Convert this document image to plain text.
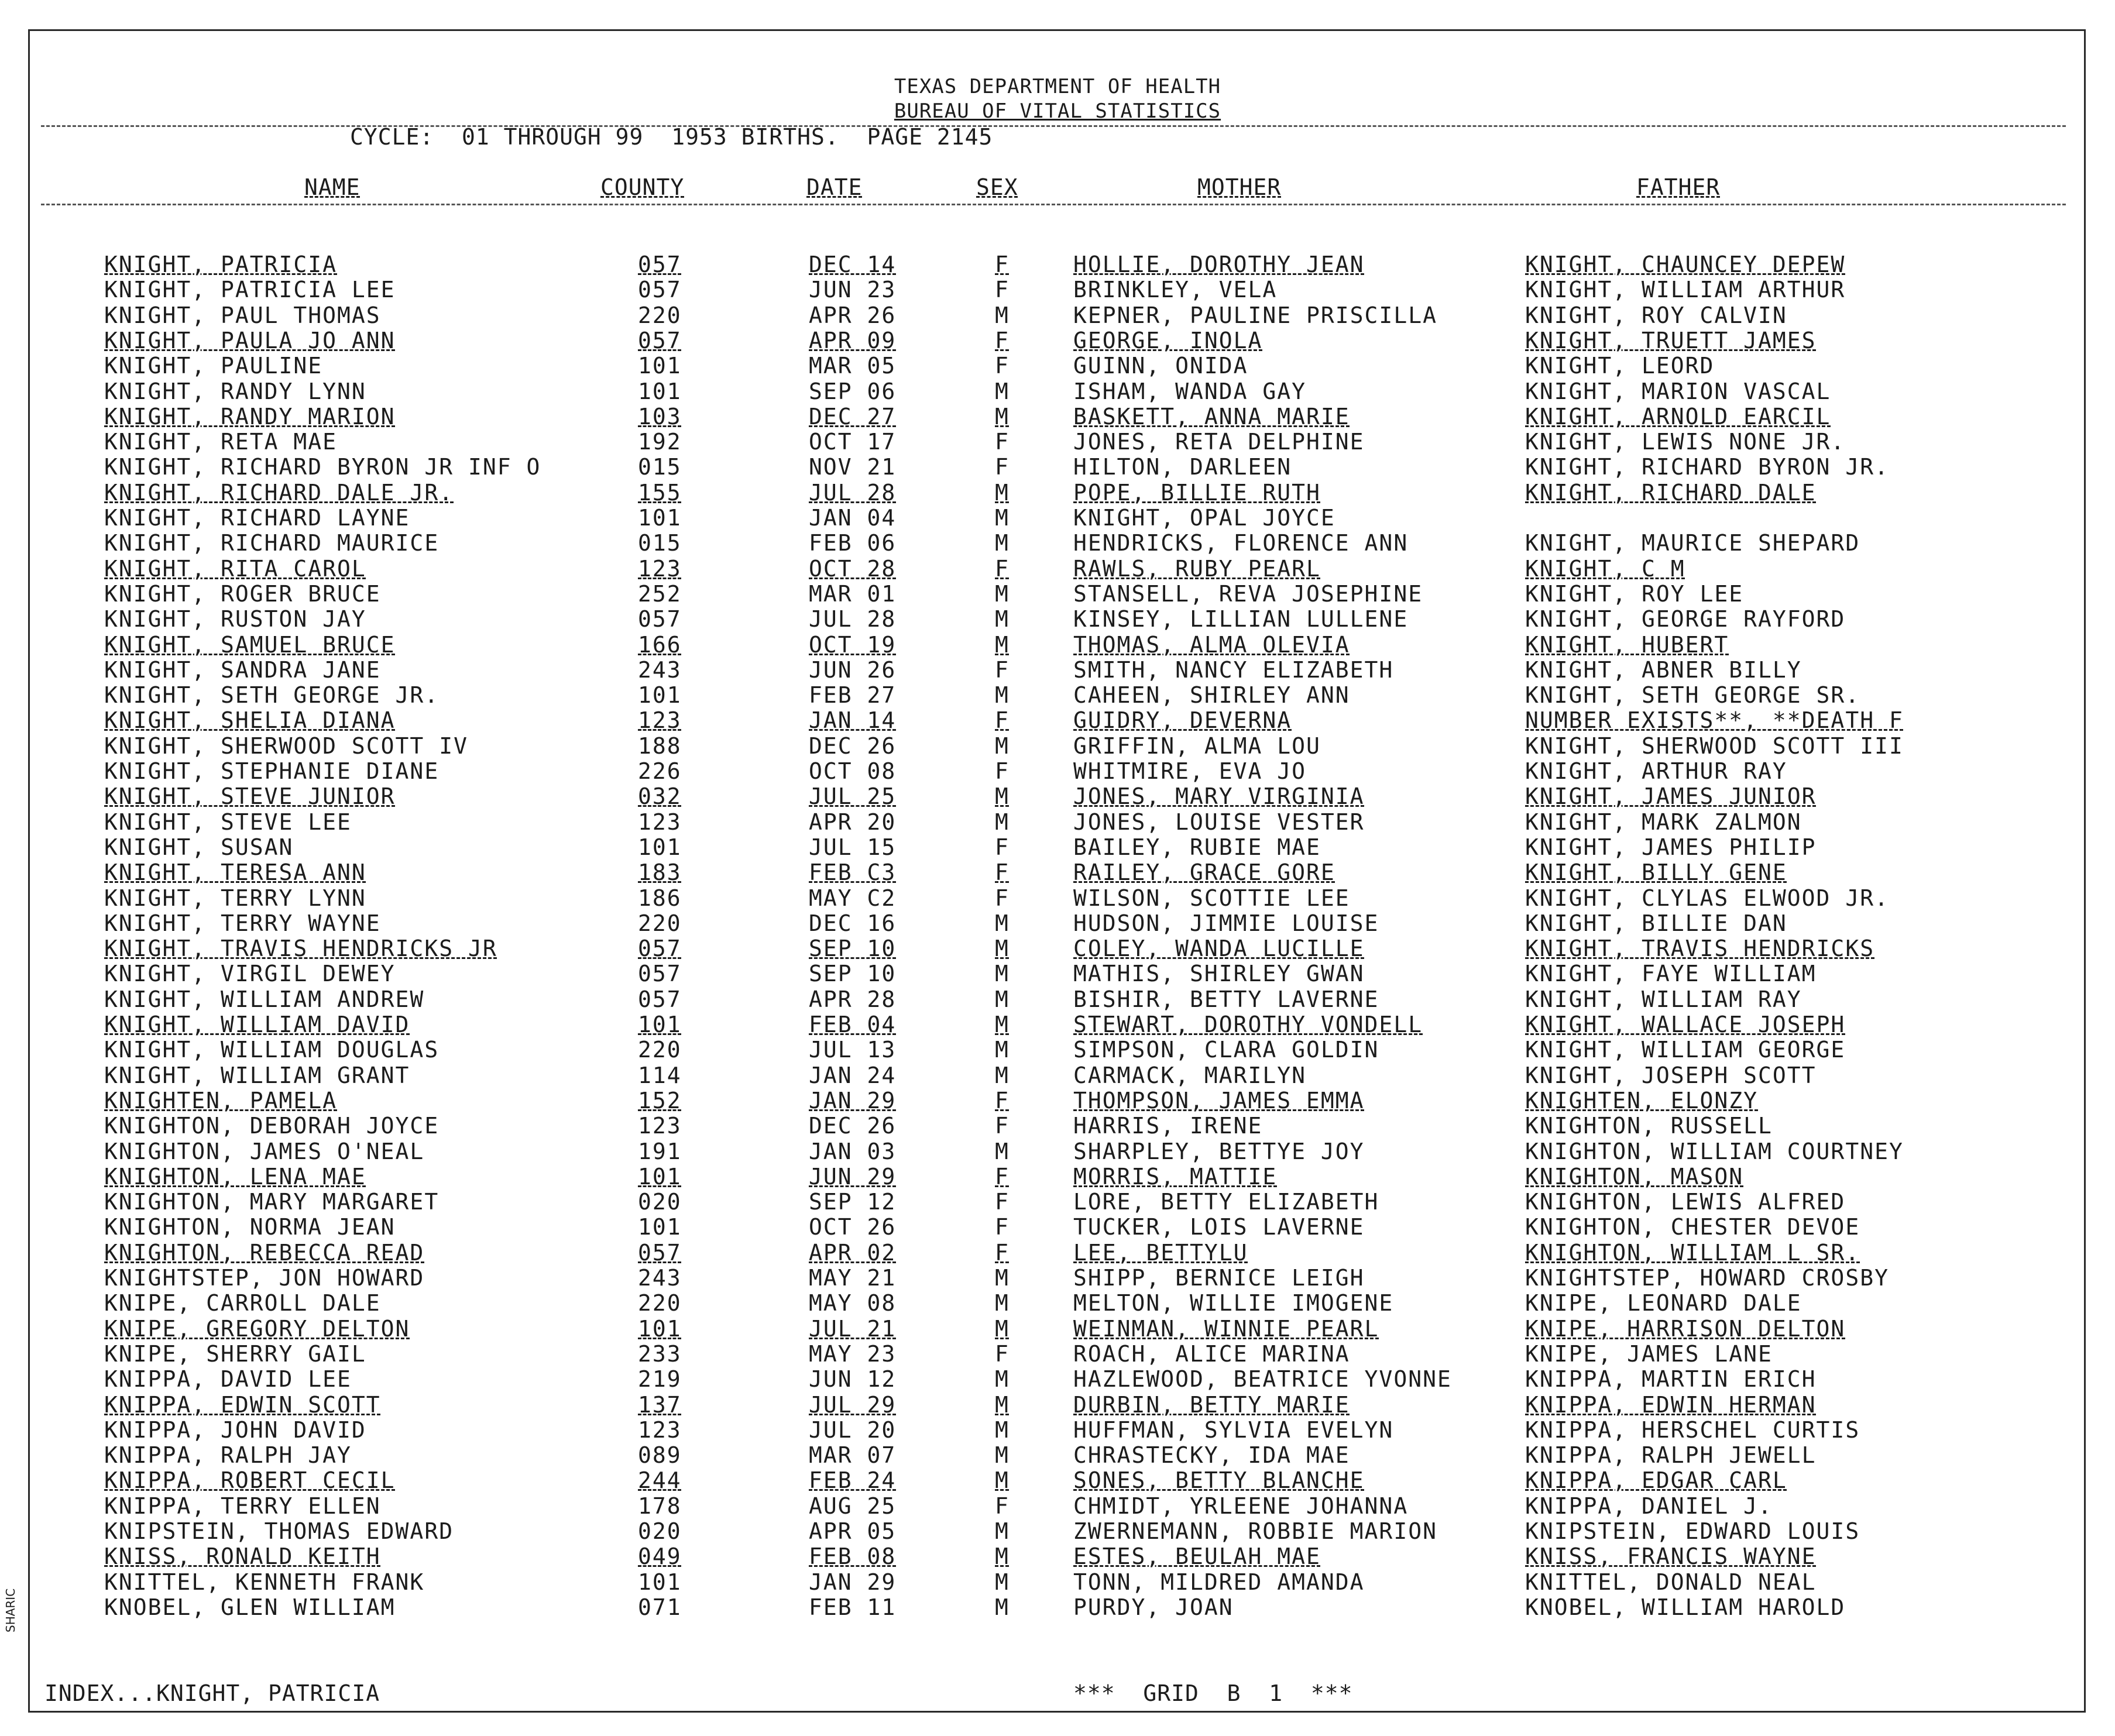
TEXAS DEPARTMENT OF HEALTH
BUREAU OF VITAL STATISTICS
CYCLE:  01 THROUGH 99  1953 BIRTHS.  PAGE 2145
NAME	COUNTY	DATE	SEX	MOTHER	FATHER
KNIGHT, PATRICIA	057	DEC 14	F	HOLLIE, DOROTHY JEAN	KNIGHT, CHAUNCEY DEPEW
KNIGHT, PATRICIA LEE	057	JUN 23	F	BRINKLEY, VELA	KNIGHT, WILLIAM ARTHUR
KNIGHT, PAUL THOMAS	220	APR 26	M	KEPNER, PAULINE PRISCILLA	KNIGHT, ROY CALVIN
KNIGHT, PAULA JO ANN	057	APR 09	F	GEORGE, INOLA	KNIGHT, TRUETT JAMES
KNIGHT, PAULINE	101	MAR 05	F	GUINN, ONIDA	KNIGHT, LEORD
KNIGHT, RANDY LYNN	101	SEP 06	M	ISHAM, WANDA GAY	KNIGHT, MARION VASCAL
KNIGHT, RANDY MARION	103	DEC 27	M	BASKETT, ANNA MARIE	KNIGHT, ARNOLD EARCIL
KNIGHT, RETA MAE	192	OCT 17	F	JONES, RETA DELPHINE	KNIGHT, LEWIS NONE JR.
KNIGHT, RICHARD BYRON JR INF O	015	NOV 21	F	HILTON, DARLEEN	KNIGHT, RICHARD BYRON JR.
KNIGHT, RICHARD DALE JR.	155	JUL 28	M	POPE, BILLIE RUTH	KNIGHT, RICHARD DALE
KNIGHT, RICHARD LAYNE	101	JAN 04	M	KNIGHT, OPAL JOYCE
KNIGHT, RICHARD MAURICE	015	FEB 06	M	HENDRICKS, FLORENCE ANN	KNIGHT, MAURICE SHEPARD
KNIGHT, RITA CAROL	123	OCT 28	F	RAWLS, RUBY PEARL	KNIGHT, C M
KNIGHT, ROGER BRUCE	252	MAR 01	M	STANSELL, REVA JOSEPHINE	KNIGHT, ROY LEE
KNIGHT, RUSTON JAY	057	JUL 28	M	KINSEY, LILLIAN LULLENE	KNIGHT, GEORGE RAYFORD
KNIGHT, SAMUEL BRUCE	166	OCT 19	M	THOMAS, ALMA OLEVIA	KNIGHT, HUBERT
KNIGHT, SANDRA JANE	243	JUN 26	F	SMITH, NANCY ELIZABETH	KNIGHT, ABNER BILLY
KNIGHT, SETH GEORGE JR.	101	FEB 27	M	CAHEEN, SHIRLEY ANN	KNIGHT, SETH GEORGE SR.
KNIGHT, SHELIA DIANA	123	JAN 14	F	GUIDRY, DEVERNA	NUMBER EXISTS**, **DEATH F
KNIGHT, SHERWOOD SCOTT IV	188	DEC 26	M	GRIFFIN, ALMA LOU	KNIGHT, SHERWOOD SCOTT III
KNIGHT, STEPHANIE DIANE	226	OCT 08	F	WHITMIRE, EVA JO	KNIGHT, ARTHUR RAY
KNIGHT, STEVE JUNIOR	032	JUL 25	M	JONES, MARY VIRGINIA	KNIGHT, JAMES JUNIOR
KNIGHT, STEVE LEE	123	APR 20	M	JONES, LOUISE VESTER	KNIGHT, MARK ZALMON
KNIGHT, SUSAN	101	JUL 15	F	BAILEY, RUBIE MAE	KNIGHT, JAMES PHILIP
KNIGHT, TERESA ANN	183	FEB C3	F	RAILEY, GRACE GORE	KNIGHT, BILLY GENE
KNIGHT, TERRY LYNN	186	MAY C2	F	WILSON, SCOTTIE LEE	KNIGHT, CLYLAS ELWOOD JR.
KNIGHT, TERRY WAYNE	220	DEC 16	M	HUDSON, JIMMIE LOUISE	KNIGHT, BILLIE DAN
KNIGHT, TRAVIS HENDRICKS JR	057	SEP 10	M	COLEY, WANDA LUCILLE	KNIGHT, TRAVIS HENDRICKS
KNIGHT, VIRGIL DEWEY	057	SEP 10	M	MATHIS, SHIRLEY GWAN	KNIGHT, FAYE WILLIAM
KNIGHT, WILLIAM ANDREW	057	APR 28	M	BISHIR, BETTY LAVERNE	KNIGHT, WILLIAM RAY
KNIGHT, WILLIAM DAVID	101	FEB 04	M	STEWART, DOROTHY VONDELL	KNIGHT, WALLACE JOSEPH
KNIGHT, WILLIAM DOUGLAS	220	JUL 13	M	SIMPSON, CLARA GOLDIN	KNIGHT, WILLIAM GEORGE
KNIGHT, WILLIAM GRANT	114	JAN 24	M	CARMACK, MARILYN	KNIGHT, JOSEPH SCOTT
KNIGHTEN, PAMELA	152	JAN 29	F	THOMPSON, JAMES EMMA	KNIGHTEN, ELONZY
KNIGHTON, DEBORAH JOYCE	123	DEC 26	F	HARRIS, IRENE	KNIGHTON, RUSSELL
KNIGHTON, JAMES O'NEAL	191	JAN 03	M	SHARPLEY, BETTYE JOY	KNIGHTON, WILLIAM COURTNEY
KNIGHTON, LENA MAE	101	JUN 29	F	MORRIS, MATTIE	KNIGHTON, MASON
KNIGHTON, MARY MARGARET	020	SEP 12	F	LORE, BETTY ELIZABETH	KNIGHTON, LEWIS ALFRED
KNIGHTON, NORMA JEAN	101	OCT 26	F	TUCKER, LOIS LAVERNE	KNIGHTON, CHESTER DEVOE
KNIGHTON, REBECCA READ	057	APR 02	F	LEE, BETTYLU	KNIGHTON, WILLIAM L SR.
KNIGHTSTEP, JON HOWARD	243	MAY 21	M	SHIPP, BERNICE LEIGH	KNIGHTSTEP, HOWARD CROSBY
KNIPE, CARROLL DALE	220	MAY 08	M	MELTON, WILLIE IMOGENE	KNIPE, LEONARD DALE
KNIPE, GREGORY DELTON	101	JUL 21	M	WEINMAN, WINNIE PEARL	KNIPE, HARRISON DELTON
KNIPE, SHERRY GAIL	233	MAY 23	F	ROACH, ALICE MARINA	KNIPE, JAMES LANE
KNIPPA, DAVID LEE	219	JUN 12	M	HAZLEWOOD, BEATRICE YVONNE	KNIPPA, MARTIN ERICH
KNIPPA, EDWIN SCOTT	137	JUL 29	M	DURBIN, BETTY MARIE	KNIPPA, EDWIN HERMAN
KNIPPA, JOHN DAVID	123	JUL 20	M	HUFFMAN, SYLVIA EVELYN	KNIPPA, HERSCHEL CURTIS
KNIPPA, RALPH JAY	089	MAR 07	M	CHRASTECKY, IDA MAE	KNIPPA, RALPH JEWELL
KNIPPA, ROBERT CECIL	244	FEB 24	M	SONES, BETTY BLANCHE	KNIPPA, EDGAR CARL
KNIPPA, TERRY ELLEN	178	AUG 25	F	CHMIDT, YRLEENE JOHANNA	KNIPPA, DANIEL J.
KNIPSTEIN, THOMAS EDWARD	020	APR 05	M	ZWERNEMANN, ROBBIE MARION	KNIPSTEIN, EDWARD LOUIS
KNISS, RONALD KEITH	049	FEB 08	M	ESTES, BEULAH MAE	KNISS, FRANCIS WAYNE
KNITTEL, KENNETH FRANK	101	JAN 29	M	TONN, MILDRED AMANDA	KNITTEL, DONALD NEAL
KNOBEL, GLEN WILLIAM	071	FEB 11	M	PURDY, JOAN	KNOBEL, WILLIAM HAROLD
INDEX...KNIGHT, PATRICIA	***  GRID  B  1  ***
SHARIC
